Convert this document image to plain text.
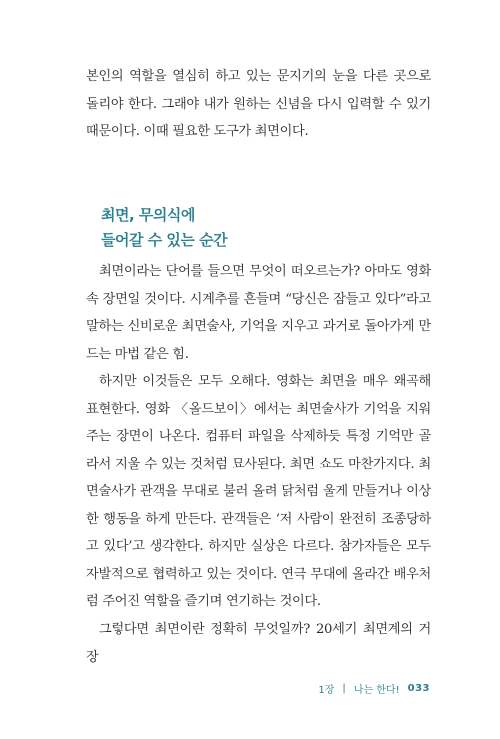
본인의 역할을 열심히 하고 있는 문지기의 눈을 다른 곳으로 돌리야 한다. 그래야 내가 원하는 신념을 다시 입력할 수 있기 때문이다. 이때 필요한 도구가 최면이다.

최면, 무의식에
들어갈 수 있는 순간

최면이라는 단어를 들으면 무엇이 떠오르는가? 아마도 영화 속 장면일 것이다. 시계추를 흔들며 “당신은 잠들고 있다”라고 말하는 신비로운 최면술사, 기억을 지우고 과거로 돌아가게 만드는 마법 같은 힘.

하지만 이것들은 모두 오해다. 영화는 최면을 매우 왜곡해 표현한다. 영화 〈올드보이〉에서는 최면술사가 기억을 지워 주는 장면이 나온다. 컴퓨터 파일을 삭제하듯 특정 기억만 골라서 지울 수 있는 것처럼 묘사된다. 최면 쇼도 마찬가지다. 최면술사가 관객을 무대로 불러 올려 닭처럼 울게 만들거나 이상한 행동을 하게 만든다. 관객들은 ‘저 사람이 완전히 조종당하고 있다’고 생각한다. 하지만 실상은 다르다. 참가자들은 모두 자발적으로 협력하고 있는 것이다. 연극 무대에 올라간 배우처럼 주어진 역할을 즐기며 연기하는 것이다.

그렇다면 최면이란 정확히 무엇일까? 20세기 최면계의 거장

1장 | 나는 한다! 033
